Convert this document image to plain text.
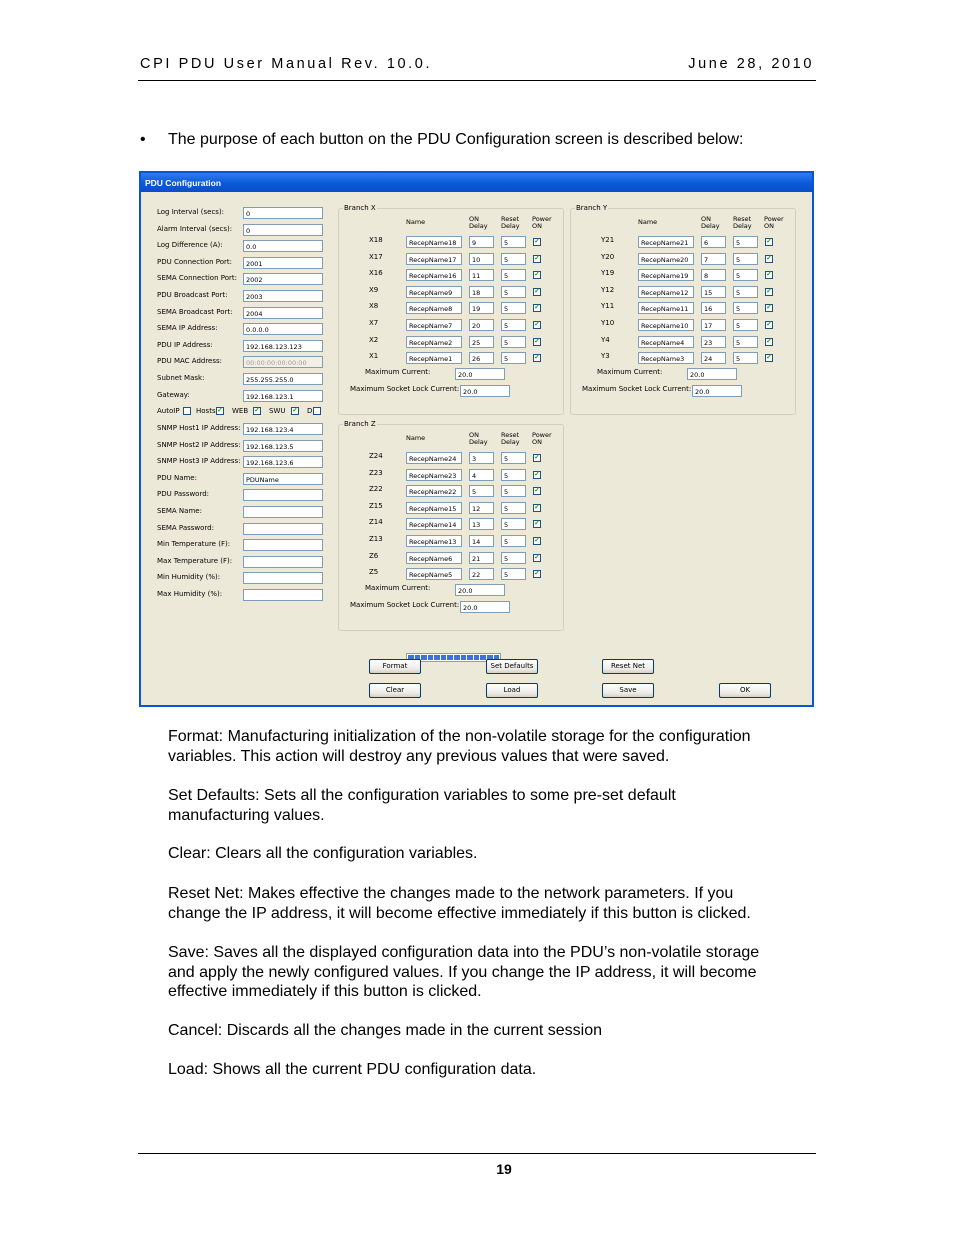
CPI PDU User Manual Rev. 10.0.	June 28, 2010
• The purpose of each button on the PDU Configuration screen is described below:
PDU Configuration
Log Interval (secs):	0
Alarm Interval (secs):	0
Log Difference (A):	0.0
PDU Connection Port:	2001
SEMA Connection Port:	2002
PDU Broadcast Port:	2003
SEMA Broadcast Port:	2004
SEMA IP Address:	0.0.0.0
PDU IP Address:	192.168.123.123
PDU MAC Address:	00:00:00:00:00:00
Subnet Mask:	255.255.255.0
Gateway:	192.168.123.1
AutoIP Hosts ✓ WEB ✓ SWU ✓ D
SNMP Host1 IP Address: 192.168.123.4
SNMP Host2 IP Address: 192.168.123.5
SNMP Host3 IP Address: 192.168.123.6
PDU Name:	PDUName
PDU Password:
SEMA Name:
SEMA Password:
Min Temperature (F):
Max Temperature (F):
Min Humidity (%):
Max Humidity (%):
Branch X
Name	ON
Delay
Reset
Delay
Power
ON
X18	RecepName18	9	5	✓
X17	RecepName17	10	5	✓
X16	RecepName16	11	5	✓
X9	RecepName9	18	5	✓
X8	RecepName8	19	5	✓
X7	RecepName7	20	5	✓
X2	RecepName2	25	5	✓
X1	RecepName1	26	5	✓
Maximum Current:	20.0
Maximum Socket Lock Current: 20.0
Branch Y
Name	ON
Delay
Reset
Delay
Power
ON
Y21	RecepName21	6	5	✓
Y20	RecepName20	7	5	✓
Y19	RecepName19	8	5	✓
Y12	RecepName12	15	5	✓
Y11	RecepName11	16	5	✓
Y10	RecepName10	17	5	✓
Y4	RecepName4	23	5	✓
Y3	RecepName3	24	5	✓
Maximum Current:	20.0
Maximum Socket Lock Current: 20.0
Branch Z
Name	ON
Delay
Reset
Delay
Power
ON
Z24	RecepName24	3	5	✓
Z23	RecepName23	4	5	✓
Z22	RecepName22	5	5	✓
Z15	RecepName15	12	5	✓
Z14	RecepName14	13	5	✓
Z13	RecepName13	14	5	✓
Z6	RecepName6	21	5	✓
Z5	RecepName5	22	5	✓
Maximum Current:	20.0
Maximum Socket Lock Current: 20.0
Format	Set Defaults	Reset Net
Clear	Load	Save	OK
Format: Manufacturing initialization of the non-volatile storage for the configuration
variables. This action will destroy any previous values that were saved.
Set Defaults: Sets all the configuration variables to some pre-set default
manufacturing values.
Clear: Clears all the configuration variables.
Reset Net: Makes effective the changes made to the network parameters. If you
change the IP address, it will become effective immediately if this button is clicked.
Save: Saves all the displayed configuration data into the PDU’s non-volatile storage
and apply the newly configured values. If you change the IP address, it will become
effective immediately if this button is clicked.
Cancel: Discards all the changes made in the current session
Load: Shows all the current PDU configuration data.
19
